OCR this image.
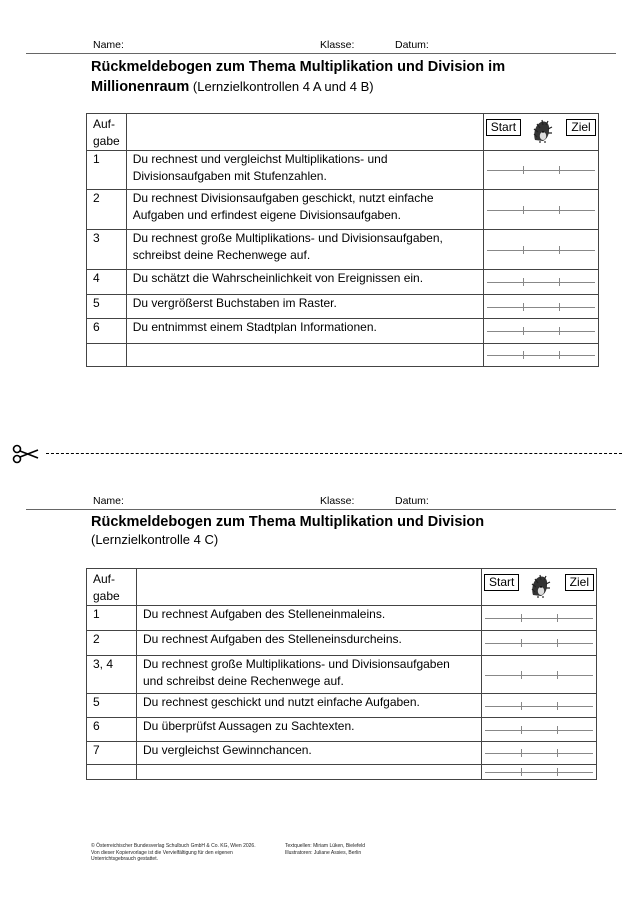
Name:	Klasse:	Datum:
Rückmeldebogen zum Thema Multiplikation und Division im
Millionenraum (Lernzielkontrollen 4 A und 4 B)
Auf-
gabe		Start Ziel

1	Du rechnest und vergleichst Multiplikations- und
Divisionsaufgaben mit Stufenzahlen.	

2	Du rechnest Divisionsaufgaben geschickt, nutzt einfache
Aufgaben und erfindest eigene Divisionsaufgaben.	

3	Du rechnest große Multiplikations- und Divisionsaufgaben,
schreibst deine Rechenwege auf.	

4	Du schätzt die Wahrscheinlichkeit von Ereignissen ein.	

5	Du vergrößerst Buchstaben im Raster.	

6	Du entnimmst einem Stadtplan Informationen.	

Name:	Klasse:	Datum:
Rückmeldebogen zum Thema Multiplikation und Division
(Lernzielkontrolle 4 C)
Auf-
gabe		Start Ziel

1	Du rechnest Aufgaben des Stelleneinmaleins.	

2	Du rechnest Aufgaben des Stelleneinsdurcheins.	

3, 4	Du rechnest große Multiplikations- und Divisionsaufgaben
und schreibst deine Rechenwege auf.	

5	Du rechnest geschickt und nutzt einfache Aufgaben.	

6	Du überprüfst Aussagen zu Sachtexten.	

7	Du vergleichst Gewinnchancen.	

© Österreichischer Bundesverlag Schulbuch GmbH & Co. KG, Wien 2026.
Von dieser Kopiervorlage ist die Vervielfältigung für den eigenen
Unterrichtsgebrauch gestattet.
Textquellen: Miriam Lüken, Bielefeld
Illustratoren: Juliane Assies, Berlin
